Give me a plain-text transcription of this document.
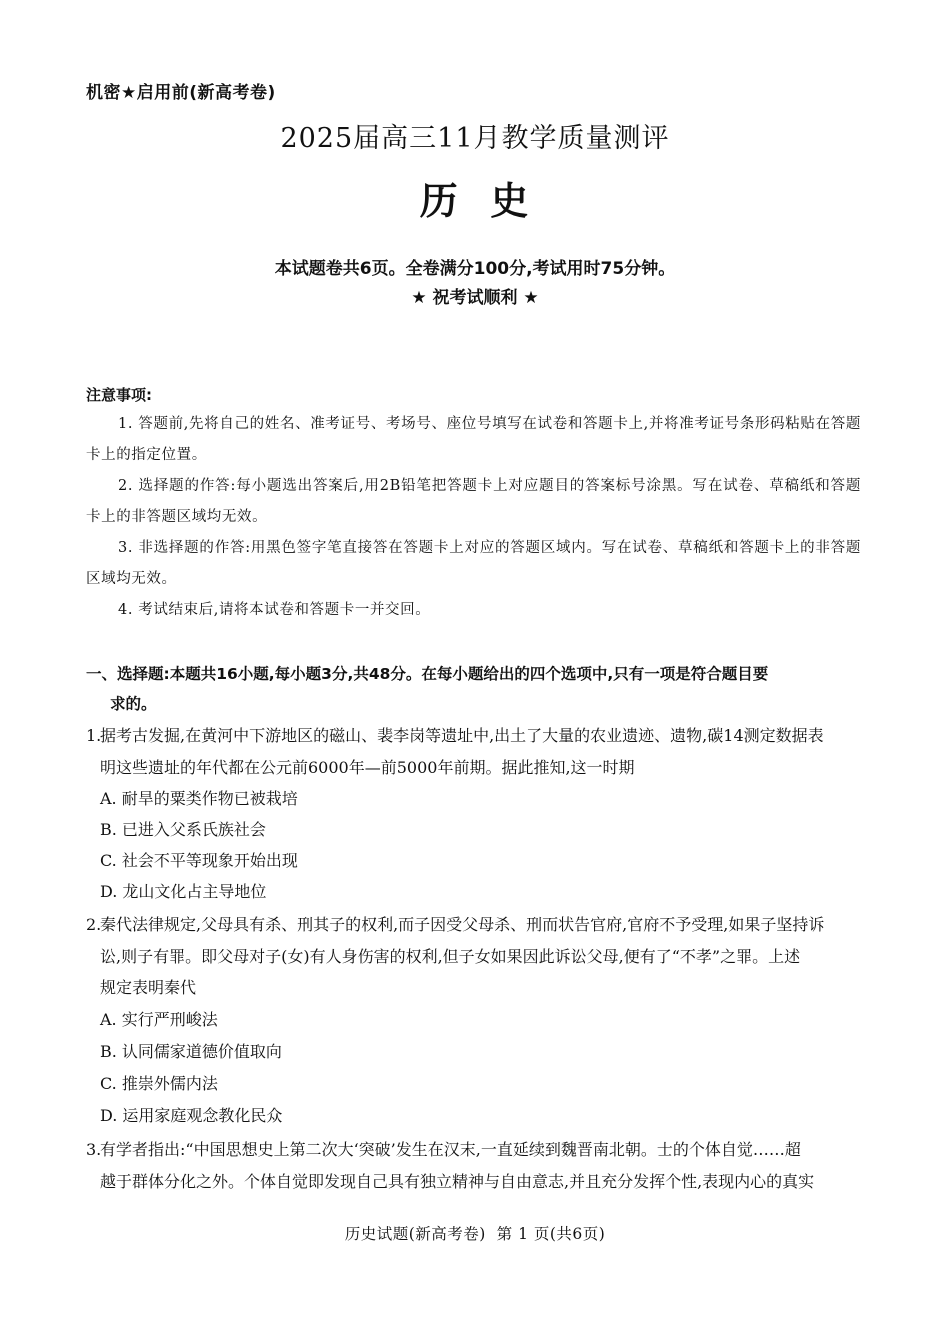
机密★启用前(新高考卷)
2025届高三11月教学质量测评
历  史
本试题卷共6页。全卷满分100分,考试用时75分钟。
★ 祝考试顺利 ★
注意事项:
1. 答题前,先将自己的姓名、准考证号、考场号、座位号填写在试卷和答题卡上,并将准考证号条形码粘贴在答题卡上的指定位置。
2. 选择题的作答:每小题选出答案后,用2B铅笔把答题卡上对应题目的答案标号涂黑。写在试卷、草稿纸和答题卡上的非答题区域均无效。
3. 非选择题的作答:用黑色签字笔直接答在答题卡上对应的答题区域内。写在试卷、草稿纸和答题卡上的非答题区域均无效。
4. 考试结束后,请将本试卷和答题卡一并交回。
一、选择题:本题共16小题,每小题3分,共48分。在每小题给出的四个选项中,只有一项是符合题目要
求的。
1.据考古发掘,在黄河中下游地区的磁山、裴李岗等遗址中,出土了大量的农业遗迹、遗物,碳14测定数据表
明这些遗址的年代都在公元前6000年—前5000年前期。据此推知,这一时期
A. 耐旱的粟类作物已被栽培
B. 已进入父系氏族社会
C. 社会不平等现象开始出现
D. 龙山文化占主导地位
2.秦代法律规定,父母具有杀、刑其子的权利,而子因受父母杀、刑而状告官府,官府不予受理,如果子坚持诉
讼,则子有罪。即父母对子(女)有人身伤害的权利,但子女如果因此诉讼父母,便有了“不孝”之罪。上述
规定表明秦代
A. 实行严刑峻法
B. 认同儒家道德价值取向
C. 推崇外儒内法
D. 运用家庭观念教化民众
3.有学者指出:“中国思想史上第二次大‘突破’发生在汉末,一直延续到魏晋南北朝。士的个体自觉……超
越于群体分化之外。个体自觉即发现自己具有独立精神与自由意志,并且充分发挥个性,表现内心的真实
历史试题(新高考卷)  第 1 页(共6页)
